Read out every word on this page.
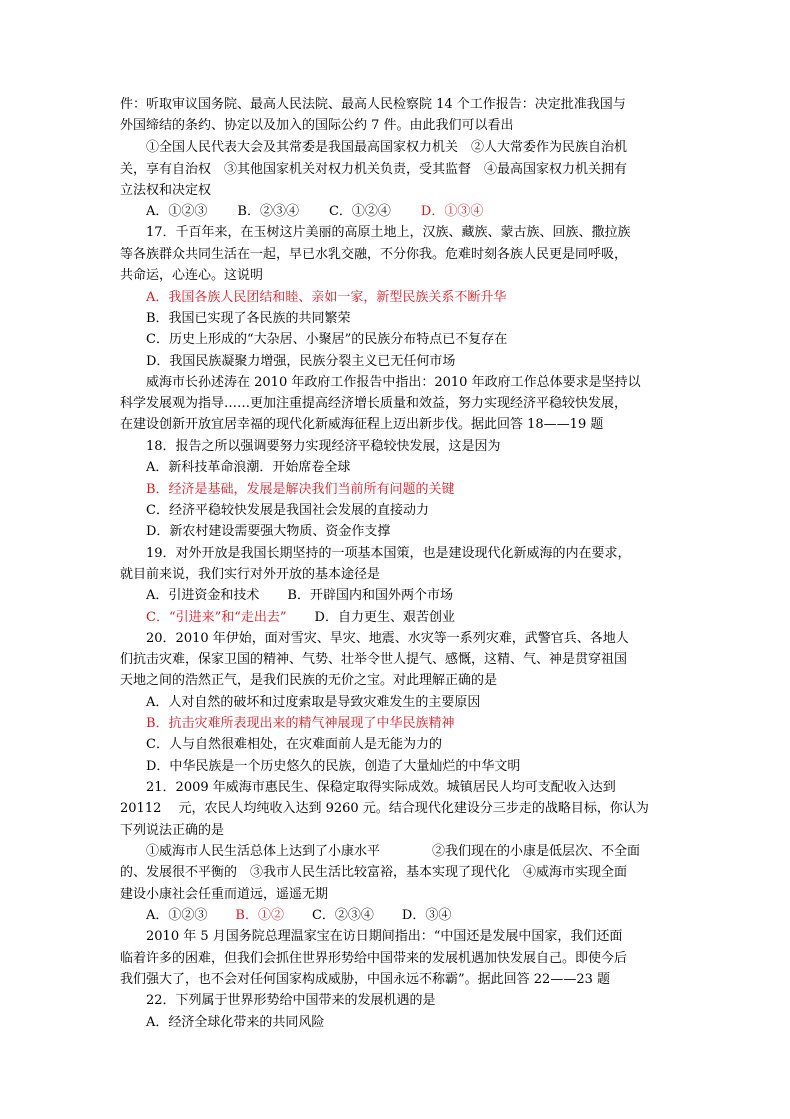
件：听取审议国务院、最高人民法院、最高人民检察院 14 个工作报告：决定批准我国与
外国缔结的条约、协定以及加入的国际公约 7 件。由此我们可以看出
①全国人民代表大会及其常委是我国最高国家权力机关　②人大常委作为民族自治机
关，享有自治权　③其他国家机关对权力机关负责，受其监督　④最高国家权力机关拥有
立法权和决定权
A．①②③ B．②③④ C．①②④ D．①③④
17．千百年来，在玉树这片美丽的高原土地上，汉族、藏族、蒙古族、回族、撒拉族
等各族群众共同生活在一起，早已水乳交融，不分你我。危难时刻各族人民更是同呼吸，
共命运，心连心。这说明
A．我国各族人民团结和睦、亲如一家，新型民族关系不断升华
B．我国已实现了各民族的共同繁荣
C．历史上形成的“大杂居、小聚居”的民族分布特点已不复存在
D．我国民族凝聚力增强，民族分裂主义已无任何市场
威海市长孙述涛在 2010 年政府工作报告中指出：2010 年政府工作总体要求是坚持以
科学发展观为指导……更加注重提高经济增长质量和效益，努力实现经济平稳较快发展，
在建设创新开放宜居幸福的现代化新威海征程上迈出新步伐。据此回答 18——19 题
18．报告之所以强调要努力实现经济平稳较快发展，这是因为
A．新科技革命浪潮．开始席卷全球
B．经济是基础，发展是解决我们当前所有问题的关键
C．经济平稳较快发展是我国社会发展的直接动力
D．新农村建设需要强大物质、资金作支撑
19．对外开放是我国长期坚持的一项基本国策，也是建设现代化新威海的内在要求，
就目前来说，我们实行对外开放的基本途径是
A．引进资金和技术 B．开辟国内和国外两个市场
C．“引进来”和“走出去” D．自力更生、艰苦创业
20．2010 年伊始，面对雪灾、旱灾、地震、水灾等一系列灾难，武警官兵、各地人
们抗击灾难，保家卫国的精神、气势、壮举令世人提气、感慨，这精、气、神是贯穿祖国
天地之间的浩然正气，是我们民族的无价之宝。对此理解正确的是
A．人对自然的破坏和过度索取是导致灾难发生的主要原因
B．抗击灾难所表现出来的精气神展现了中华民族精神
C．人与自然很难相处，在灾难面前人是无能为力的
D．中华民族是一个历史悠久的民族，创造了大量灿烂的中华文明
21．2009 年威海市惠民生、保稳定取得实际成效。城镇居民人均可支配收入达到
20112　 元，农民人均纯收入达到 9260 元。结合现代化建设分三步走的战略目标，你认为
下列说法正确的是
①威海市人民生活总体上达到了小康水平　　　　②我们现在的小康是低层次、不全面
的、发展很不平衡的　③我市人民生活比较富裕，基本实现了现代化　④威海市实现全面
建设小康社会任重而道远，遥遥无期
A．①②③ B．①② C．②③④ D．③④
2010 年 5 月国务院总理温家宝在访日期间指出：“中国还是发展中国家，我们还面
临着许多的困难，但我们会抓住世界形势给中国带来的发展机遇加快发展自己。即使今后
我们强大了，也不会对任何国家构成威胁，中国永远不称霸”。据此回答 22——23 题
22．下列属于世界形势给中国带来的发展机遇的是
A．经济全球化带来的共同风险
